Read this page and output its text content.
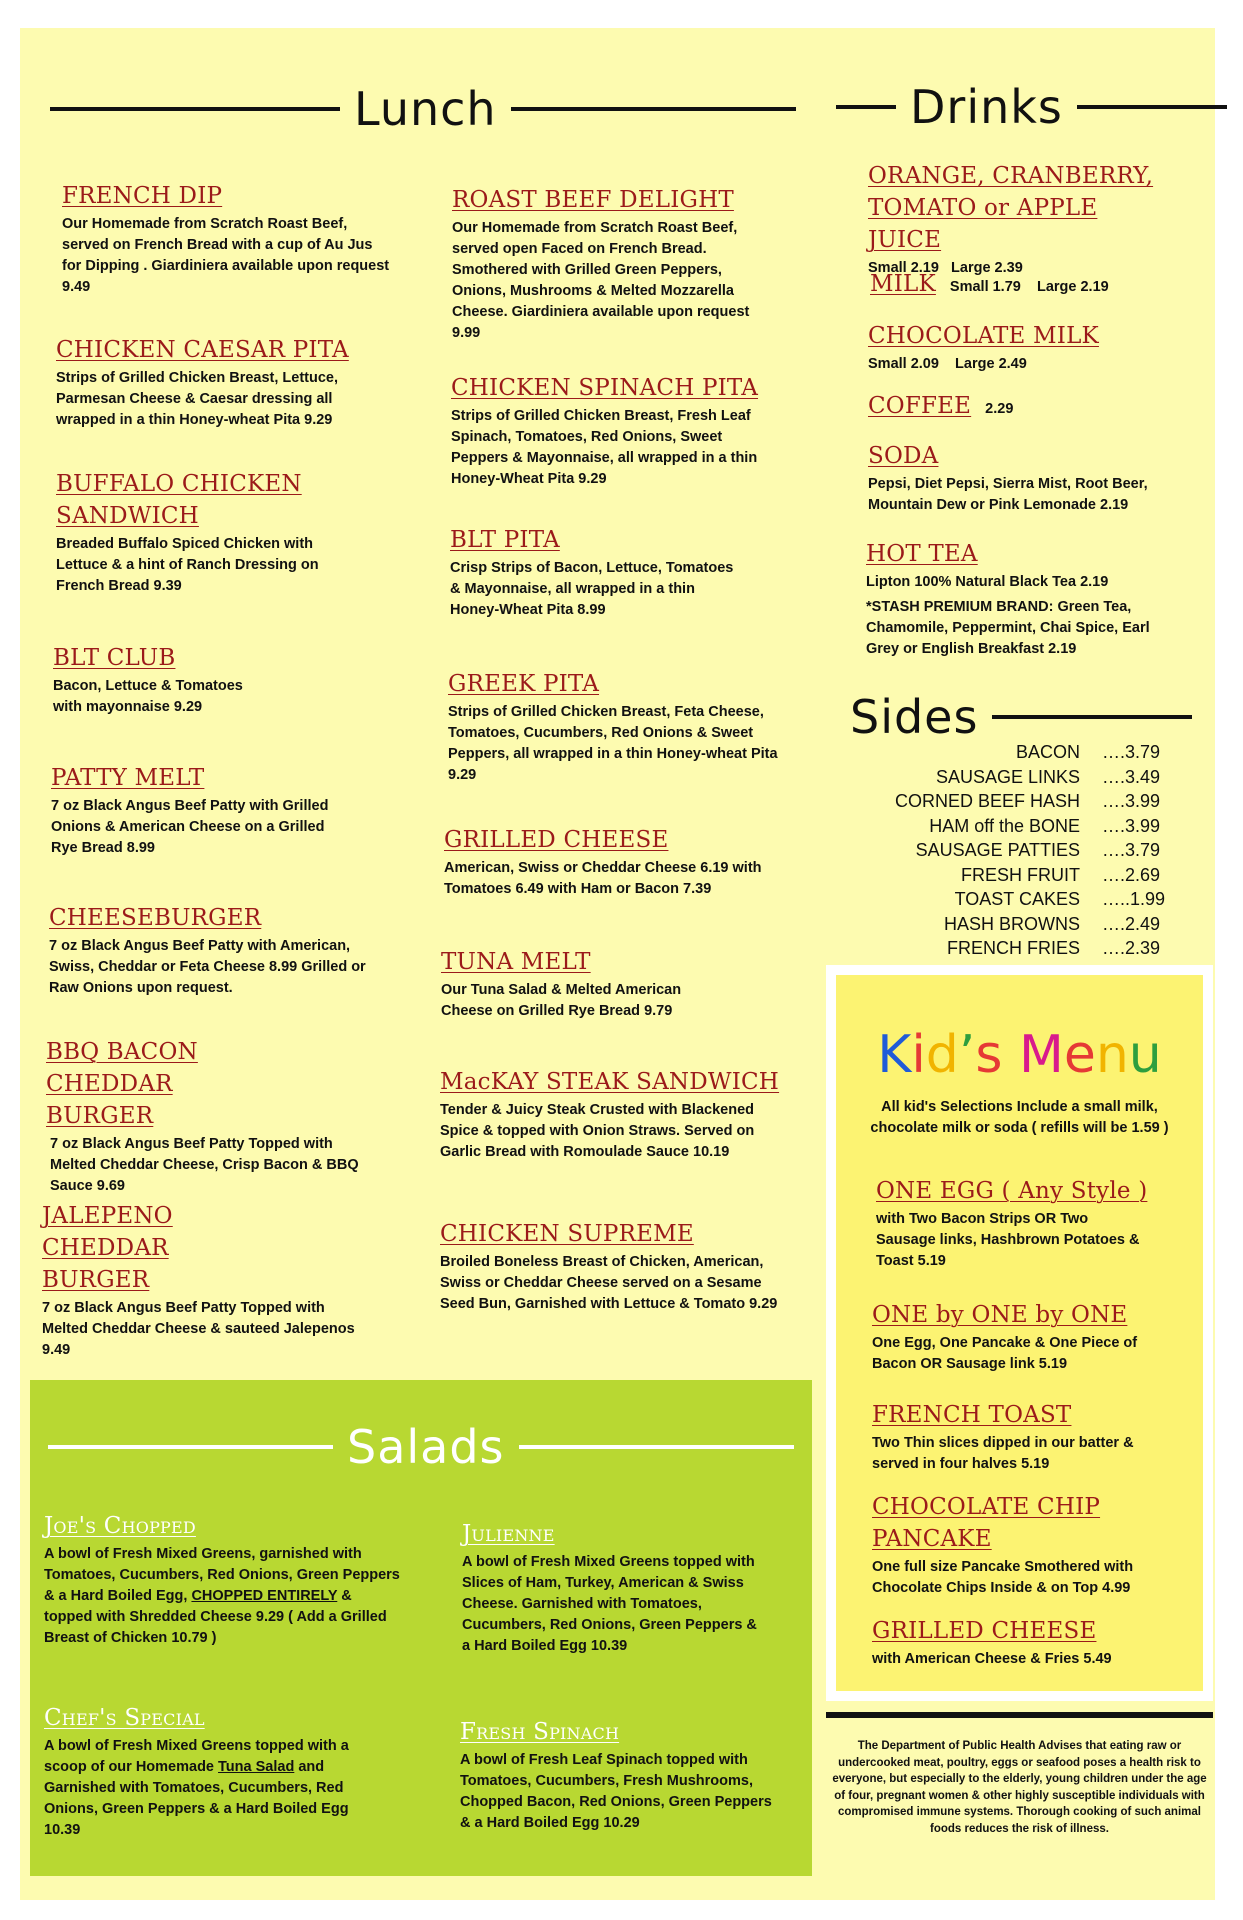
Lunch
FRENCH DIP
Our Homemade from Scratch Roast Beef, served on French Bread with a cup of Au Jus for Dipping . Giardiniera available upon request 9.49
CHICKEN CAESAR PITA
Strips of Grilled Chicken Breast, Lettuce, Parmesan Cheese & Caesar dressing all wrapped in a thin Honey-wheat Pita 9.29
BUFFALO CHICKEN SANDWICH
Breaded Buffalo Spiced Chicken with Lettuce & a hint of Ranch Dressing on French Bread 9.39
BLT CLUB
Bacon, Lettuce & Tomatoes with mayonnaise 9.29
PATTY MELT
7 oz Black Angus Beef Patty with Grilled Onions & American Cheese on a Grilled Rye Bread 8.99
CHEESEBURGER
7 oz Black Angus Beef Patty with American, Swiss, Cheddar or Feta Cheese 8.99 Grilled or Raw Onions upon request.
BBQ BACON CHEDDAR BURGER
7 oz Black Angus Beef Patty Topped with Melted Cheddar Cheese, Crisp Bacon & BBQ Sauce 9.69
JALEPENO CHEDDAR BURGER
7 oz Black Angus Beef Patty Topped with Melted Cheddar Cheese & sauteed Jalepenos 9.49
ROAST BEEF DELIGHT
Our Homemade from Scratch Roast Beef, served open Faced on French Bread. Smothered with Grilled Green Peppers, Onions, Mushrooms & Melted Mozzarella Cheese. Giardiniera available upon request 9.99
CHICKEN SPINACH PITA
Strips of Grilled Chicken Breast, Fresh Leaf Spinach, Tomatoes, Red Onions, Sweet Peppers & Mayonnaise, all wrapped in a thin Honey-Wheat Pita 9.29
BLT PITA
Crisp Strips of Bacon, Lettuce, Tomatoes & Mayonnaise, all wrapped in a thin Honey-Wheat Pita 8.99
GREEK PITA
Strips of Grilled Chicken Breast, Feta Cheese, Tomatoes, Cucumbers, Red Onions & Sweet Peppers, all wrapped in a thin Honey-wheat Pita 9.29
GRILLED CHEESE
American, Swiss or Cheddar Cheese 6.19 with Tomatoes 6.49 with Ham or Bacon 7.39
TUNA MELT
Our Tuna Salad & Melted American Cheese on Grilled Rye Bread 9.79
MacKAY STEAK SANDWICH
Tender & Juicy Steak Crusted with Blackened Spice & topped with Onion Straws. Served on Garlic Bread with Romoulade Sauce 10.19
CHICKEN SUPREME
Broiled Boneless Breast of Chicken, American, Swiss or Cheddar Cheese served on a Sesame Seed Bun, Garnished with Lettuce & Tomato 9.29
Drinks
ORANGE, CRANBERRY, TOMATO or APPLE JUICE
Small 2.19   Large 2.39
MILK Small 1.79    Large 2.19
CHOCOLATE MILK
Small 2.09    Large 2.49
COFFEE 2.29
SODA
Pepsi, Diet Pepsi, Sierra Mist, Root Beer, Mountain Dew or Pink Lemonade 2.19
HOT TEA
Lipton 100% Natural Black Tea 2.19
*STASH PREMIUM BRAND: Green Tea, Chamomile, Peppermint, Chai Spice, Earl Grey or English Breakfast 2.19
Sides
BACON	….3.79
SAUSAGE LINKS	….3.49
CORNED BEEF HASH	….3.99
HAM off the BONE	….3.99
SAUSAGE PATTIES	….3.79
FRESH FRUIT	….2.69
TOAST CAKES	…..1.99
HASH BROWNS	….2.49
FRENCH FRIES	….2.39
Kid’s Menu
All kid's Selections Include a small milk, chocolate milk or soda ( refills will be 1.59 )
ONE EGG ( Any Style )
with Two Bacon Strips OR Two Sausage links, Hashbrown Potatoes & Toast 5.19
ONE by ONE by ONE
One Egg, One Pancake & One Piece of Bacon OR Sausage link 5.19
FRENCH TOAST
Two Thin slices dipped in our batter & served in four halves 5.19
CHOCOLATE CHIP PANCAKE
One full size Pancake Smothered with Chocolate Chips Inside & on Top 4.99
GRILLED CHEESE
with American Cheese & Fries 5.49
Salads
Joe's Chopped
A bowl of Fresh Mixed Greens, garnished with Tomatoes, Cucumbers, Red Onions, Green Peppers & a Hard Boiled Egg, CHOPPED ENTIRELY & topped with Shredded Cheese 9.29 ( Add a Grilled Breast of Chicken 10.79 )
Julienne
A bowl of Fresh Mixed Greens topped with Slices of Ham, Turkey, American & Swiss Cheese. Garnished with Tomatoes, Cucumbers, Red Onions, Green Peppers & a Hard Boiled Egg 10.39
Chef's Special
A bowl of Fresh Mixed Greens topped with a scoop of our Homemade Tuna Salad and Garnished with Tomatoes, Cucumbers, Red Onions, Green Peppers & a Hard Boiled Egg 10.39
Fresh Spinach
A bowl of Fresh Leaf Spinach topped with Tomatoes, Cucumbers, Fresh Mushrooms, Chopped Bacon, Red Onions, Green Peppers & a Hard Boiled Egg 10.29
The Department of Public Health Advises that eating raw or undercooked meat, poultry, eggs or seafood poses a health risk to everyone, but especially to the elderly, young children under the age of four, pregnant women & other highly susceptible individuals with compromised immune systems. Thorough cooking of such animal foods reduces the risk of illness.
